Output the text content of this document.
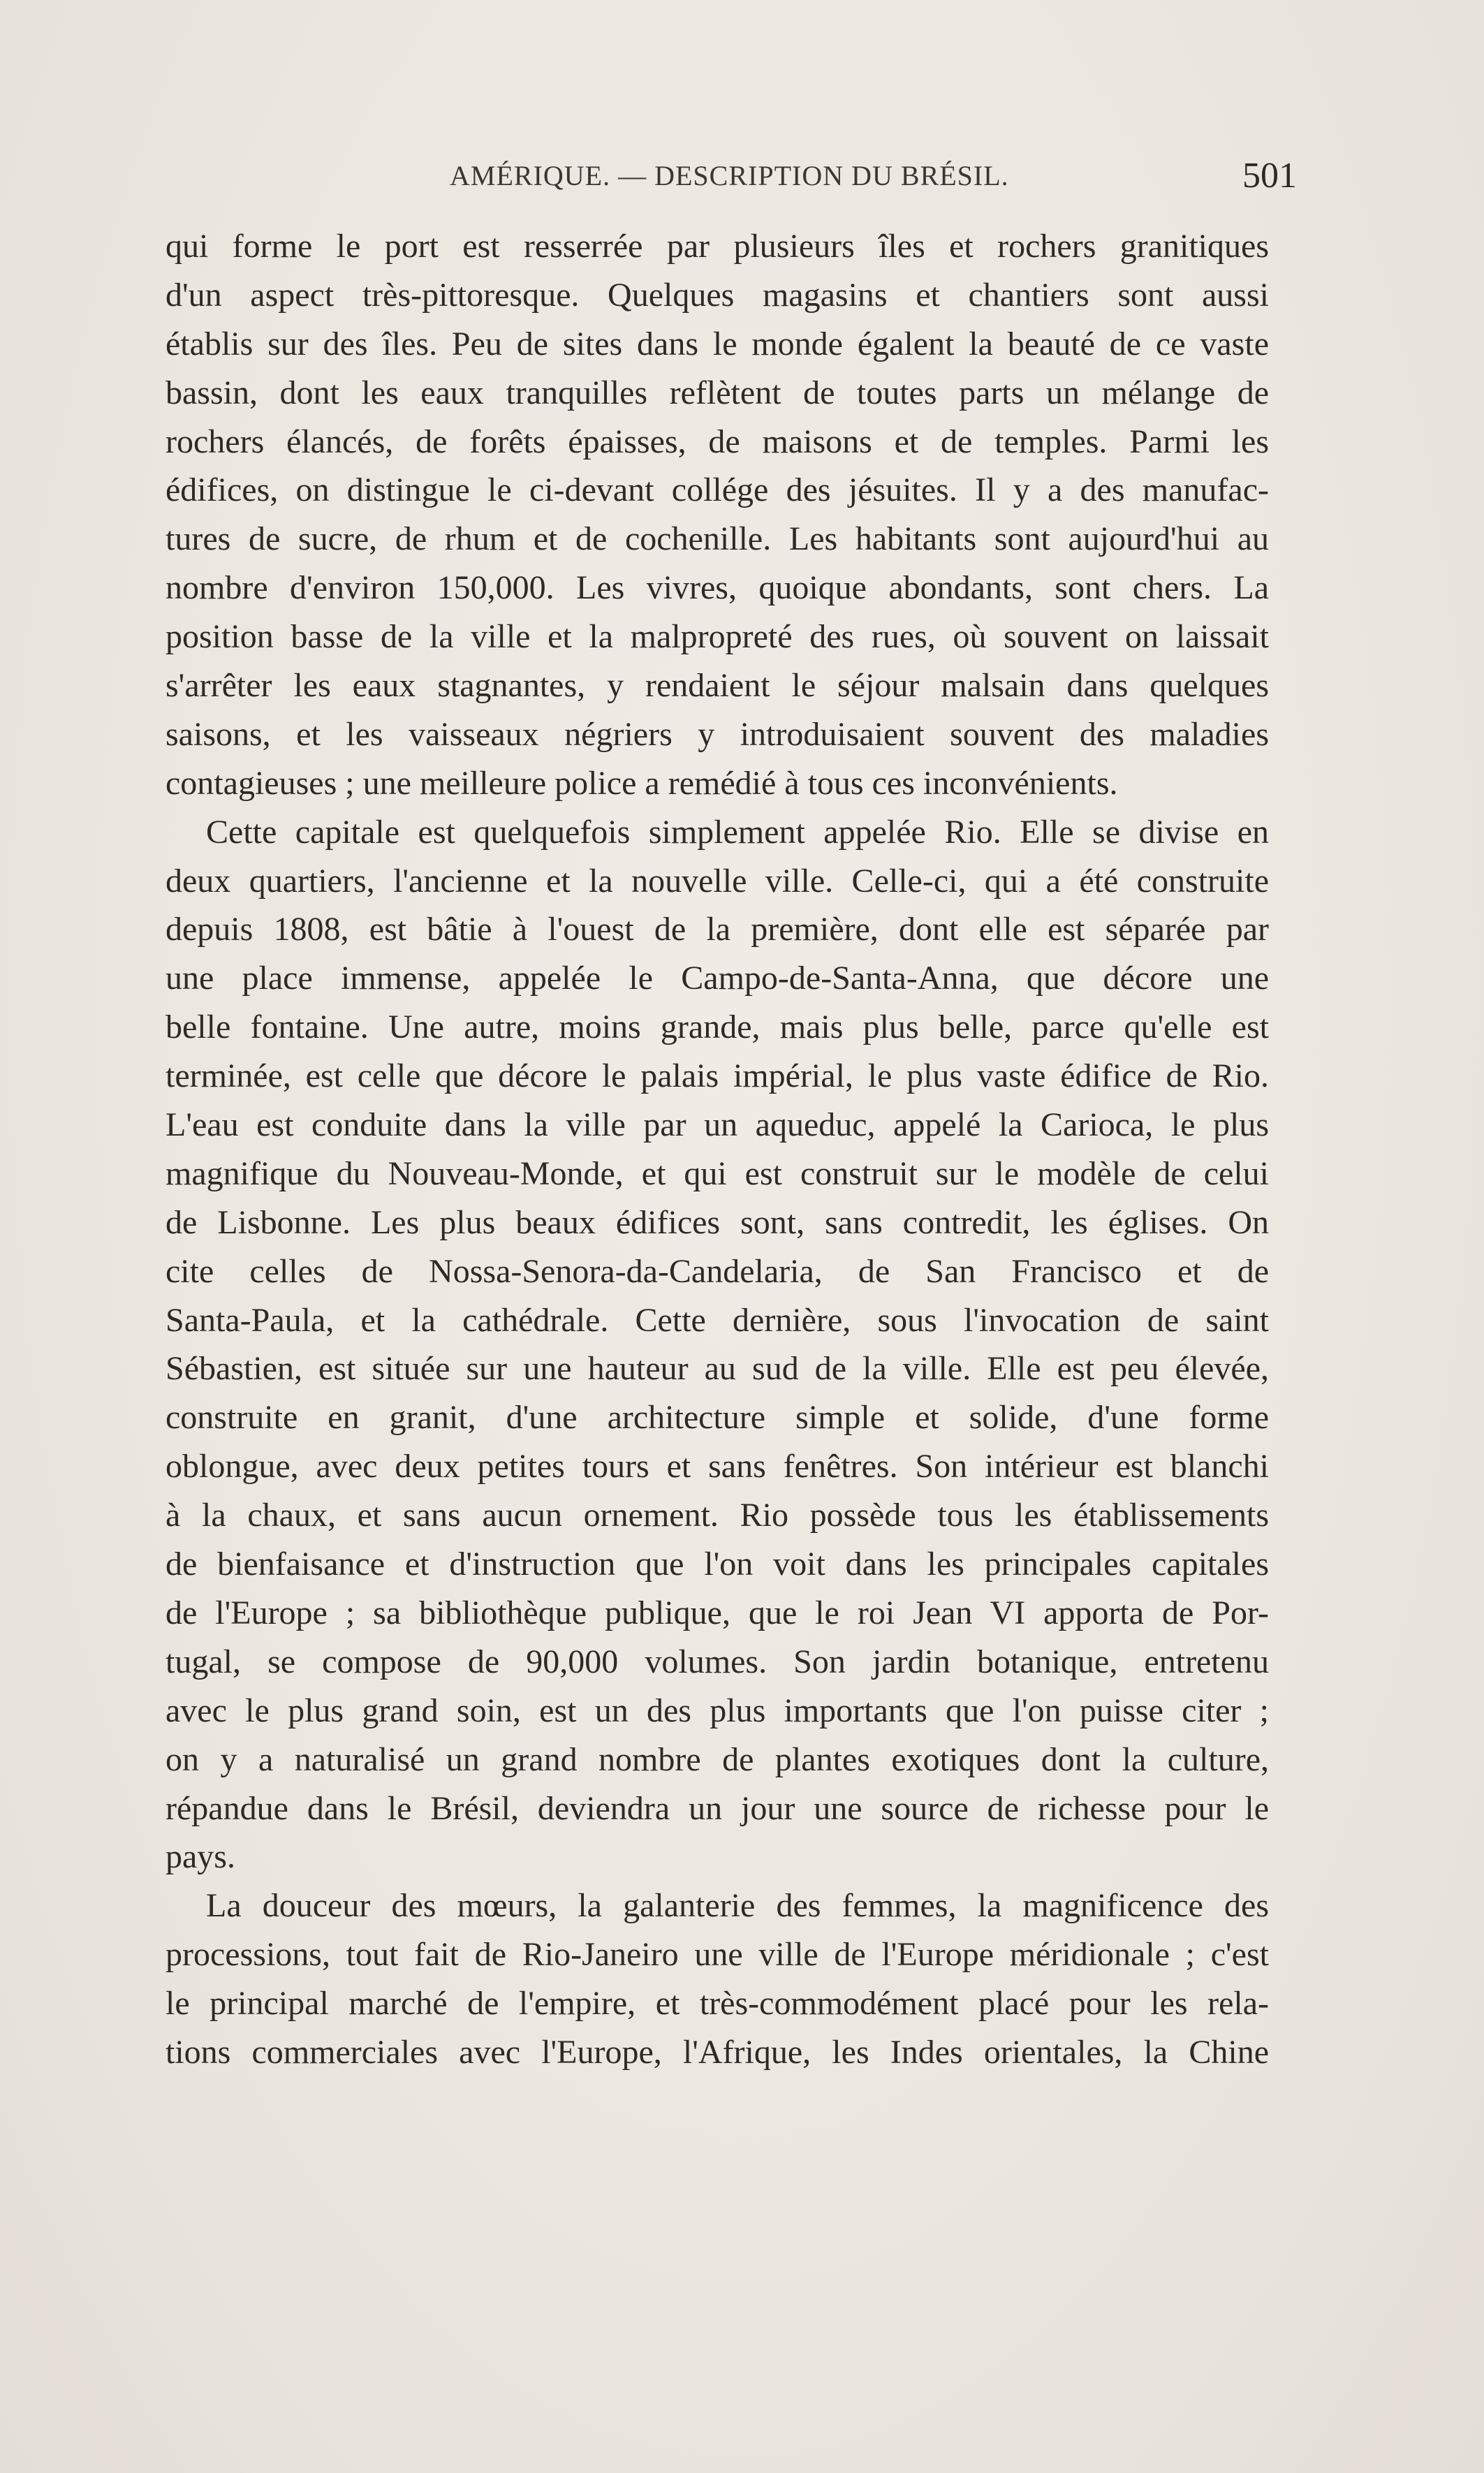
AMÉRIQUE. — DESCRIPTION DU BRÉSIL.	501
qui forme le port est resserrée par plusieurs îles et rochers granitiques
d'un aspect très-pittoresque. Quelques magasins et chantiers sont aussi
établis sur des îles. Peu de sites dans le monde égalent la beauté de ce vaste
bassin, dont les eaux tranquilles reflètent de toutes parts un mélange de
rochers élancés, de forêts épaisses, de maisons et de temples. Parmi les
édifices, on distingue le ci-devant collége des jésuites. Il y a des manufac-
tures de sucre, de rhum et de cochenille. Les habitants sont aujourd'hui au
nombre d'environ 150,000. Les vivres, quoique abondants, sont chers. La
position basse de la ville et la malpropreté des rues, où souvent on laissait
s'arrêter les eaux stagnantes, y rendaient le séjour malsain dans quelques
saisons, et les vaisseaux négriers y introduisaient souvent des maladies
contagieuses ; une meilleure police a remédié à tous ces inconvénients.
Cette capitale est quelquefois simplement appelée Rio. Elle se divise en
deux quartiers, l'ancienne et la nouvelle ville. Celle-ci, qui a été construite
depuis 1808, est bâtie à l'ouest de la première, dont elle est séparée par
une place immense, appelée le Campo-de-Santa-Anna, que décore une
belle fontaine. Une autre, moins grande, mais plus belle, parce qu'elle est
terminée, est celle que décore le palais impérial, le plus vaste édifice de Rio.
L'eau est conduite dans la ville par un aqueduc, appelé la Carioca, le plus
magnifique du Nouveau-Monde, et qui est construit sur le modèle de celui
de Lisbonne. Les plus beaux édifices sont, sans contredit, les églises. On
cite celles de Nossa-Senora-da-Candelaria, de San Francisco et de
Santa-Paula, et la cathédrale. Cette dernière, sous l'invocation de saint
Sébastien, est située sur une hauteur au sud de la ville. Elle est peu élevée,
construite en granit, d'une architecture simple et solide, d'une forme
oblongue, avec deux petites tours et sans fenêtres. Son intérieur est blanchi
à la chaux, et sans aucun ornement. Rio possède tous les établissements
de bienfaisance et d'instruction que l'on voit dans les principales capitales
de l'Europe ; sa bibliothèque publique, que le roi Jean VI apporta de Por-
tugal, se compose de 90,000 volumes. Son jardin botanique, entretenu
avec le plus grand soin, est un des plus importants que l'on puisse citer ;
on y a naturalisé un grand nombre de plantes exotiques dont la culture,
répandue dans le Brésil, deviendra un jour une source de richesse pour le
pays.
La douceur des mœurs, la galanterie des femmes, la magnificence des
processions, tout fait de Rio-Janeiro une ville de l'Europe méridionale ; c'est
le principal marché de l'empire, et très-commodément placé pour les rela-
tions commerciales avec l'Europe, l'Afrique, les Indes orientales, la Chine
